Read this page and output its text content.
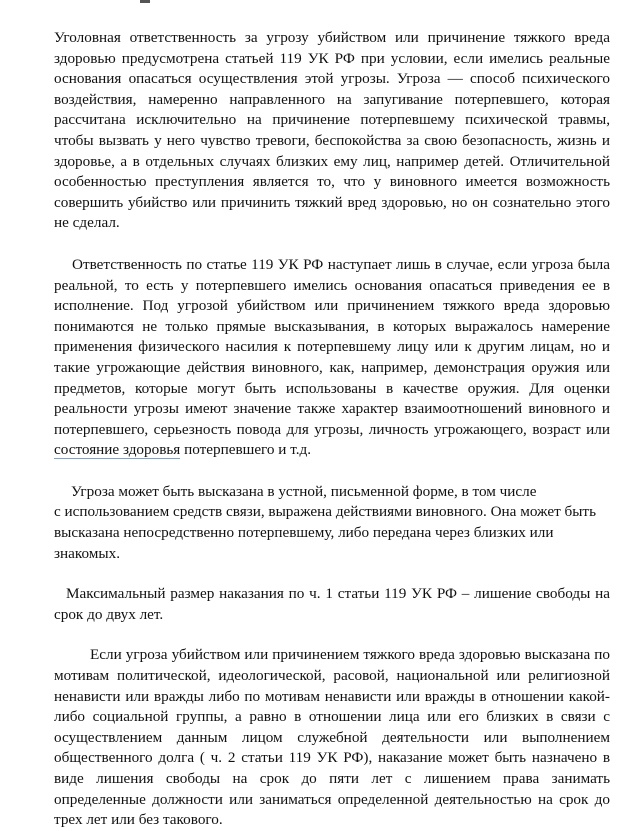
Уголовная ответственность за угрозу убийством или причинение тяжкого вреда здоровью предусмотрена статьей 119 УК РФ при условии, если имелись реальные основания опасаться осуществления этой угрозы. Угроза — способ психического воздействия, намеренно направленного на запугивание потерпевшего, которая рассчитана исключительно на причинение потерпевшему психической травмы, чтобы вызвать у него чувство тревоги, беспокойства за свою безопасность, жизнь и здоровье, а в отдельных случаях близких ему лиц, например детей. Отличительной особенностью преступления является то, что у виновного имеется возможность совершить убийство или причинить тяжкий вред здоровью, но он сознательно этого не сделал.

Ответственность по статье 119 УК РФ наступает лишь в случае, если угроза была реальной, то есть у потерпевшего имелись основания опасаться приведения ее в исполнение. Под угрозой убийством или причинением тяжкого вреда здоровью понимаются не только прямые высказывания, в которых выражалось намерение применения физического насилия к потерпевшему лицу или к другим лицам, но и такие угрожающие действия виновного, как, например, демонстрация оружия или предметов, которые могут быть использованы в качестве оружия. Для оценки реальности угрозы имеют значение также характер взаимоотношений виновного и потерпевшего, серьезность повода для угрозы, личность угрожающего, возраст или состояние здоровья потерпевшего и т.д.

Угроза может быть высказана в устной, письменной форме, в том числе
с использованием средств связи, выражена действиями виновного. Она может быть высказана непосредственно потерпевшему, либо передана через близких или знакомых.

Максимальный размер наказания по ч. 1 статьи 119 УК РФ – лишение свободы на срок до двух лет.

Если угроза убийством или причинением тяжкого вреда здоровью высказана по мотивам политической, идеологической, расовой, национальной или религиозной ненависти или вражды либо по мотивам ненависти или вражды в отношении какой-либо социальной группы, а равно в отношении лица или его близких в связи с осуществлением данным лицом служебной деятельности или выполнением общественного долга ( ч. 2 статьи 119 УК РФ), наказание может быть назначено в виде лишения свободы на срок до пяти лет с лишением права занимать определенные должности или заниматься определенной деятельностью на срок до трех лет или без такового.
